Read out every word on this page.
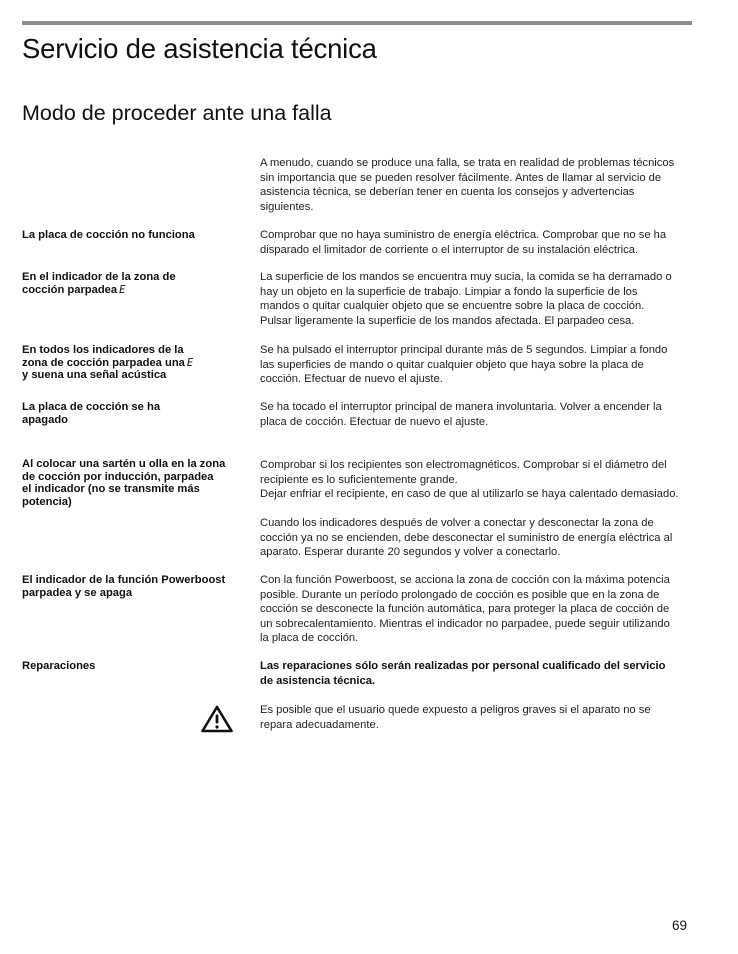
Servicio de asistencia técnica
Modo de proceder ante una falla
A menudo, cuando se produce una falla, se trata en realidad de problemas técnicos
sin importancia que se pueden resolver fácilmente. Antes de llamar al servicio de
asistencia técnica, se deberían tener en cuenta los consejos y advertencias
siguientes.
La placa de cocción no funciona	Comprobar que no haya suministro de energía eléctrica. Comprobar que no se ha
disparado el limitador de corriente o el interruptor de su instalación eléctrica.
En el indicador de la zona de
cocción parpadea E
La superficie de los mandos se encuentra muy sucia, la comida se ha derramado o
hay un objeto en la superficie de trabajo. Limpiar a fondo la superficie de los
mandos o quitar cualquier objeto que se encuentre sobre la placa de cocción.
Pulsar ligeramente la superficie de los mandos afectada. El parpadeo cesa.
En todos los indicadores de la
zona de cocción parpadea una E
y suena una señal acústica
Se ha pulsado el interruptor principal durante más de 5 segundos. Limpiar a fondo
las superficies de mando o quitar cualquier objeto que haya sobre la placa de
cocción. Efectuar de nuevo el ajuste.
La placa de cocción se ha
apagado
Se ha tocado el interruptor principal de manera involuntaria. Volver a encender la
placa de cocción. Efectuar de nuevo el ajuste.
Al colocar una sartén u olla en la zona
de cocción por inducción, parpadea
el indicador (no se transmite más
potencia)
Comprobar si los recipientes son electromagnéticos. Comprobar si el diámetro del
recipiente es lo suficientemente grande.
Dejar enfriar el recipiente, en caso de que al utilizarlo se haya calentado demasiado.
Cuando los indicadores después de volver a conectar y desconectar la zona de
cocción ya no se encienden, debe desconectar el suministro de energía eléctrica al
aparato. Esperar durante 20 segundos y volver a conectarlo.
El indicador de la función Powerboost
parpadea y se apaga
Con la función Powerboost, se acciona la zona de cocción con la máxima potencia
posible. Durante un período prolongado de cocción es posible que en la zona de
cocción se desconecte la función automática, para proteger la placa de cocción de
un sobrecalentamiento. Mientras el indicador no parpadee, puede seguir utilizando
la placa de cocción.
Reparaciones	Las reparaciones sólo serán realizadas por personal cualificado del servicio
de asistencia técnica.
Es posible que el usuario quede expuesto a peligros graves si el aparato no se
repara adecuadamente.
69
